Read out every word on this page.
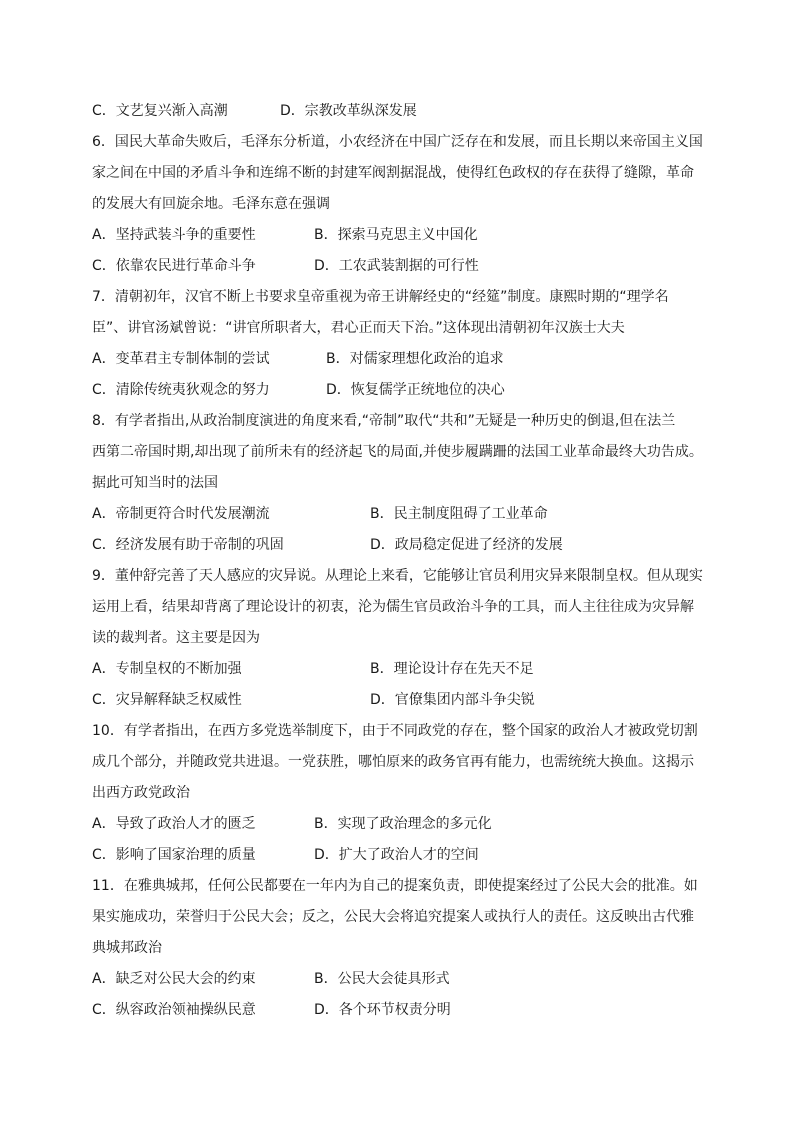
C．文艺复兴渐入高潮	D．宗教改革纵深发展
6．国民大革命失败后，毛泽东分析道，小农经济在中国广泛存在和发展，而且长期以来帝国主义国
家之间在中国的矛盾斗争和连绵不断的封建军阀割据混战，使得红色政权的存在获得了缝隙，革命
的发展大有回旋余地。毛泽东意在强调
A．坚持武装斗争的重要性	B．探索马克思主义中国化
C．依靠农民进行革命斗争	D．工农武装割据的可行性
7．清朝初年，汉官不断上书要求皇帝重视为帝王讲解经史的“经筵”制度。康熙时期的“理学名
臣”、讲官汤斌曾说：“讲官所职者大，君心正而天下治。”这体现出清朝初年汉族士大夫
A．变革君主专制体制的尝试	B．对儒家理想化政治的追求
C．清除传统夷狄观念的努力	D．恢复儒学正统地位的决心
8．有学者指出,从政治制度演进的角度来看,“帝制”取代“共和”无疑是一种历史的倒退,但在法兰
西第二帝国时期,却出现了前所未有的经济起飞的局面,并使步履蹒跚的法国工业革命最终大功告成。
据此可知当时的法国
A．帝制更符合时代发展潮流	B．民主制度阻碍了工业革命
C．经济发展有助于帝制的巩固	D．政局稳定促进了经济的发展
9．董仲舒完善了天人感应的灾异说。从理论上来看，它能够让官员利用灾异来限制皇权。但从现实
运用上看，结果却背离了理论设计的初衷，沦为儒生官员政治斗争的工具，而人主往往成为灾异解
读的裁判者。这主要是因为
A．专制皇权的不断加强	B．理论设计存在先天不足
C．灾异解释缺乏权威性	D．官僚集团内部斗争尖锐
10．有学者指出，在西方多党选举制度下，由于不同政党的存在，整个国家的政治人才被政党切割
成几个部分，并随政党共进退。一党获胜，哪怕原来的政务官再有能力，也需统统大换血。这揭示
出西方政党政治
A．导致了政治人才的匮乏	B．实现了政治理念的多元化
C．影响了国家治理的质量	D．扩大了政治人才的空间
11．在雅典城邦，任何公民都要在一年内为自己的提案负责，即使提案经过了公民大会的批准。如
果实施成功，荣誉归于公民大会；反之，公民大会将追究提案人或执行人的责任。这反映出古代雅
典城邦政治
A．缺乏对公民大会的约束	B．公民大会徒具形式
C．纵容政治领袖操纵民意	D．各个环节权责分明
